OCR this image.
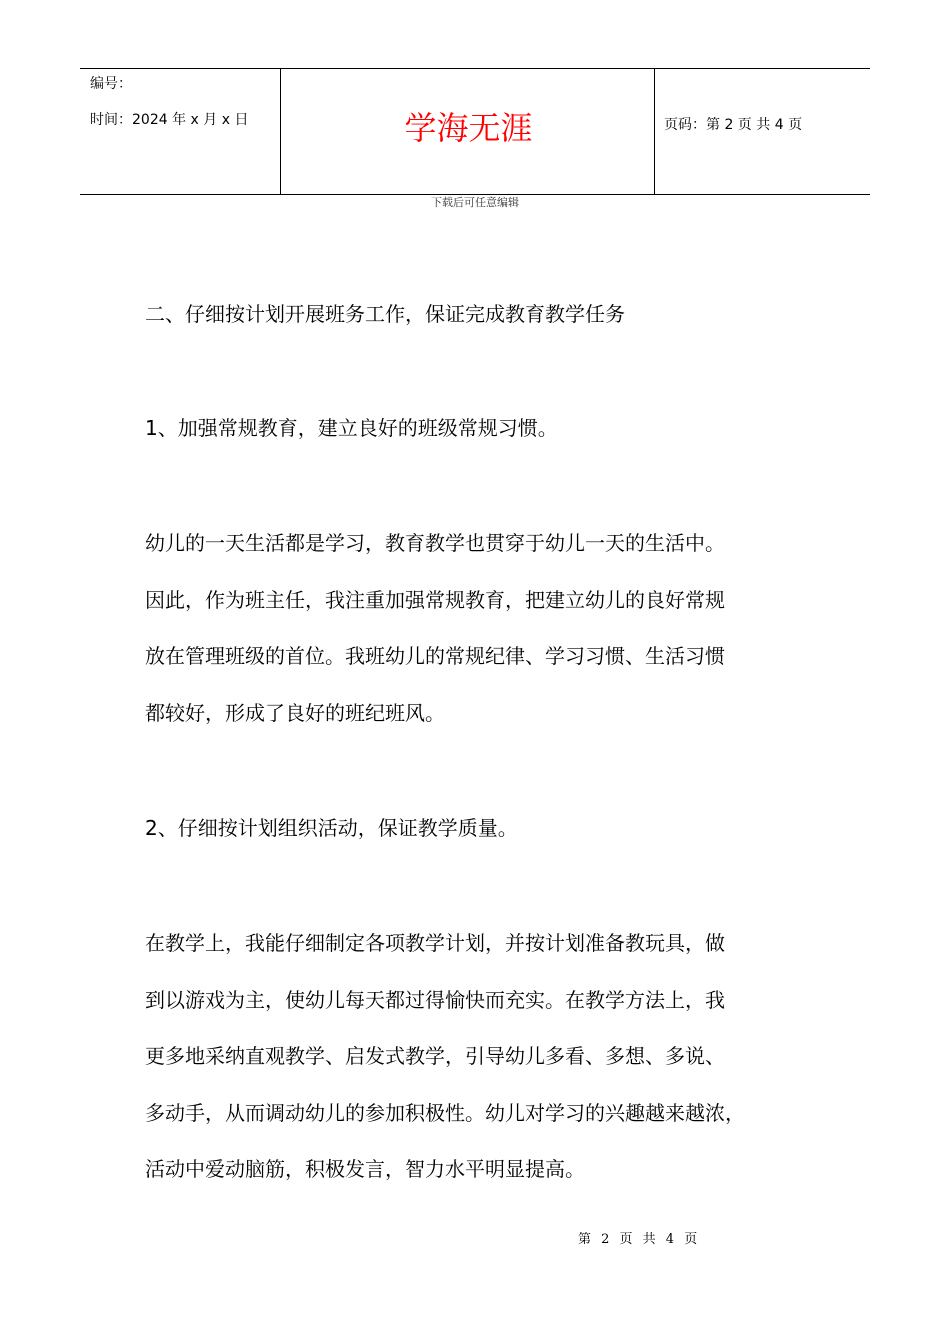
编号：
时间：2024 年 x 月 x 日	学海无涯	页码：第 2 页 共 4 页
下载后可任意编辑
二、仔细按计划开展班务工作，保证完成教育教学任务
1、加强常规教育，建立良好的班级常规习惯。
幼儿的一天生活都是学习，教育教学也贯穿于幼儿一天的生活中。
因此，作为班主任，我注重加强常规教育，把建立幼儿的良好常规
放在管理班级的首位。我班幼儿的常规纪律、学习习惯、生活习惯
都较好，形成了良好的班纪班风。
2、仔细按计划组织活动，保证教学质量。
在教学上，我能仔细制定各项教学计划，并按计划准备教玩具，做
到以游戏为主，使幼儿每天都过得愉快而充实。在教学方法上，我
更多地采纳直观教学、启发式教学，引导幼儿多看、多想、多说、
多动手，从而调动幼儿的参加积极性。幼儿对学习的兴趣越来越浓，
活动中爱动脑筋，积极发言，智力水平明显提高。
第 2 页 共 4 页
